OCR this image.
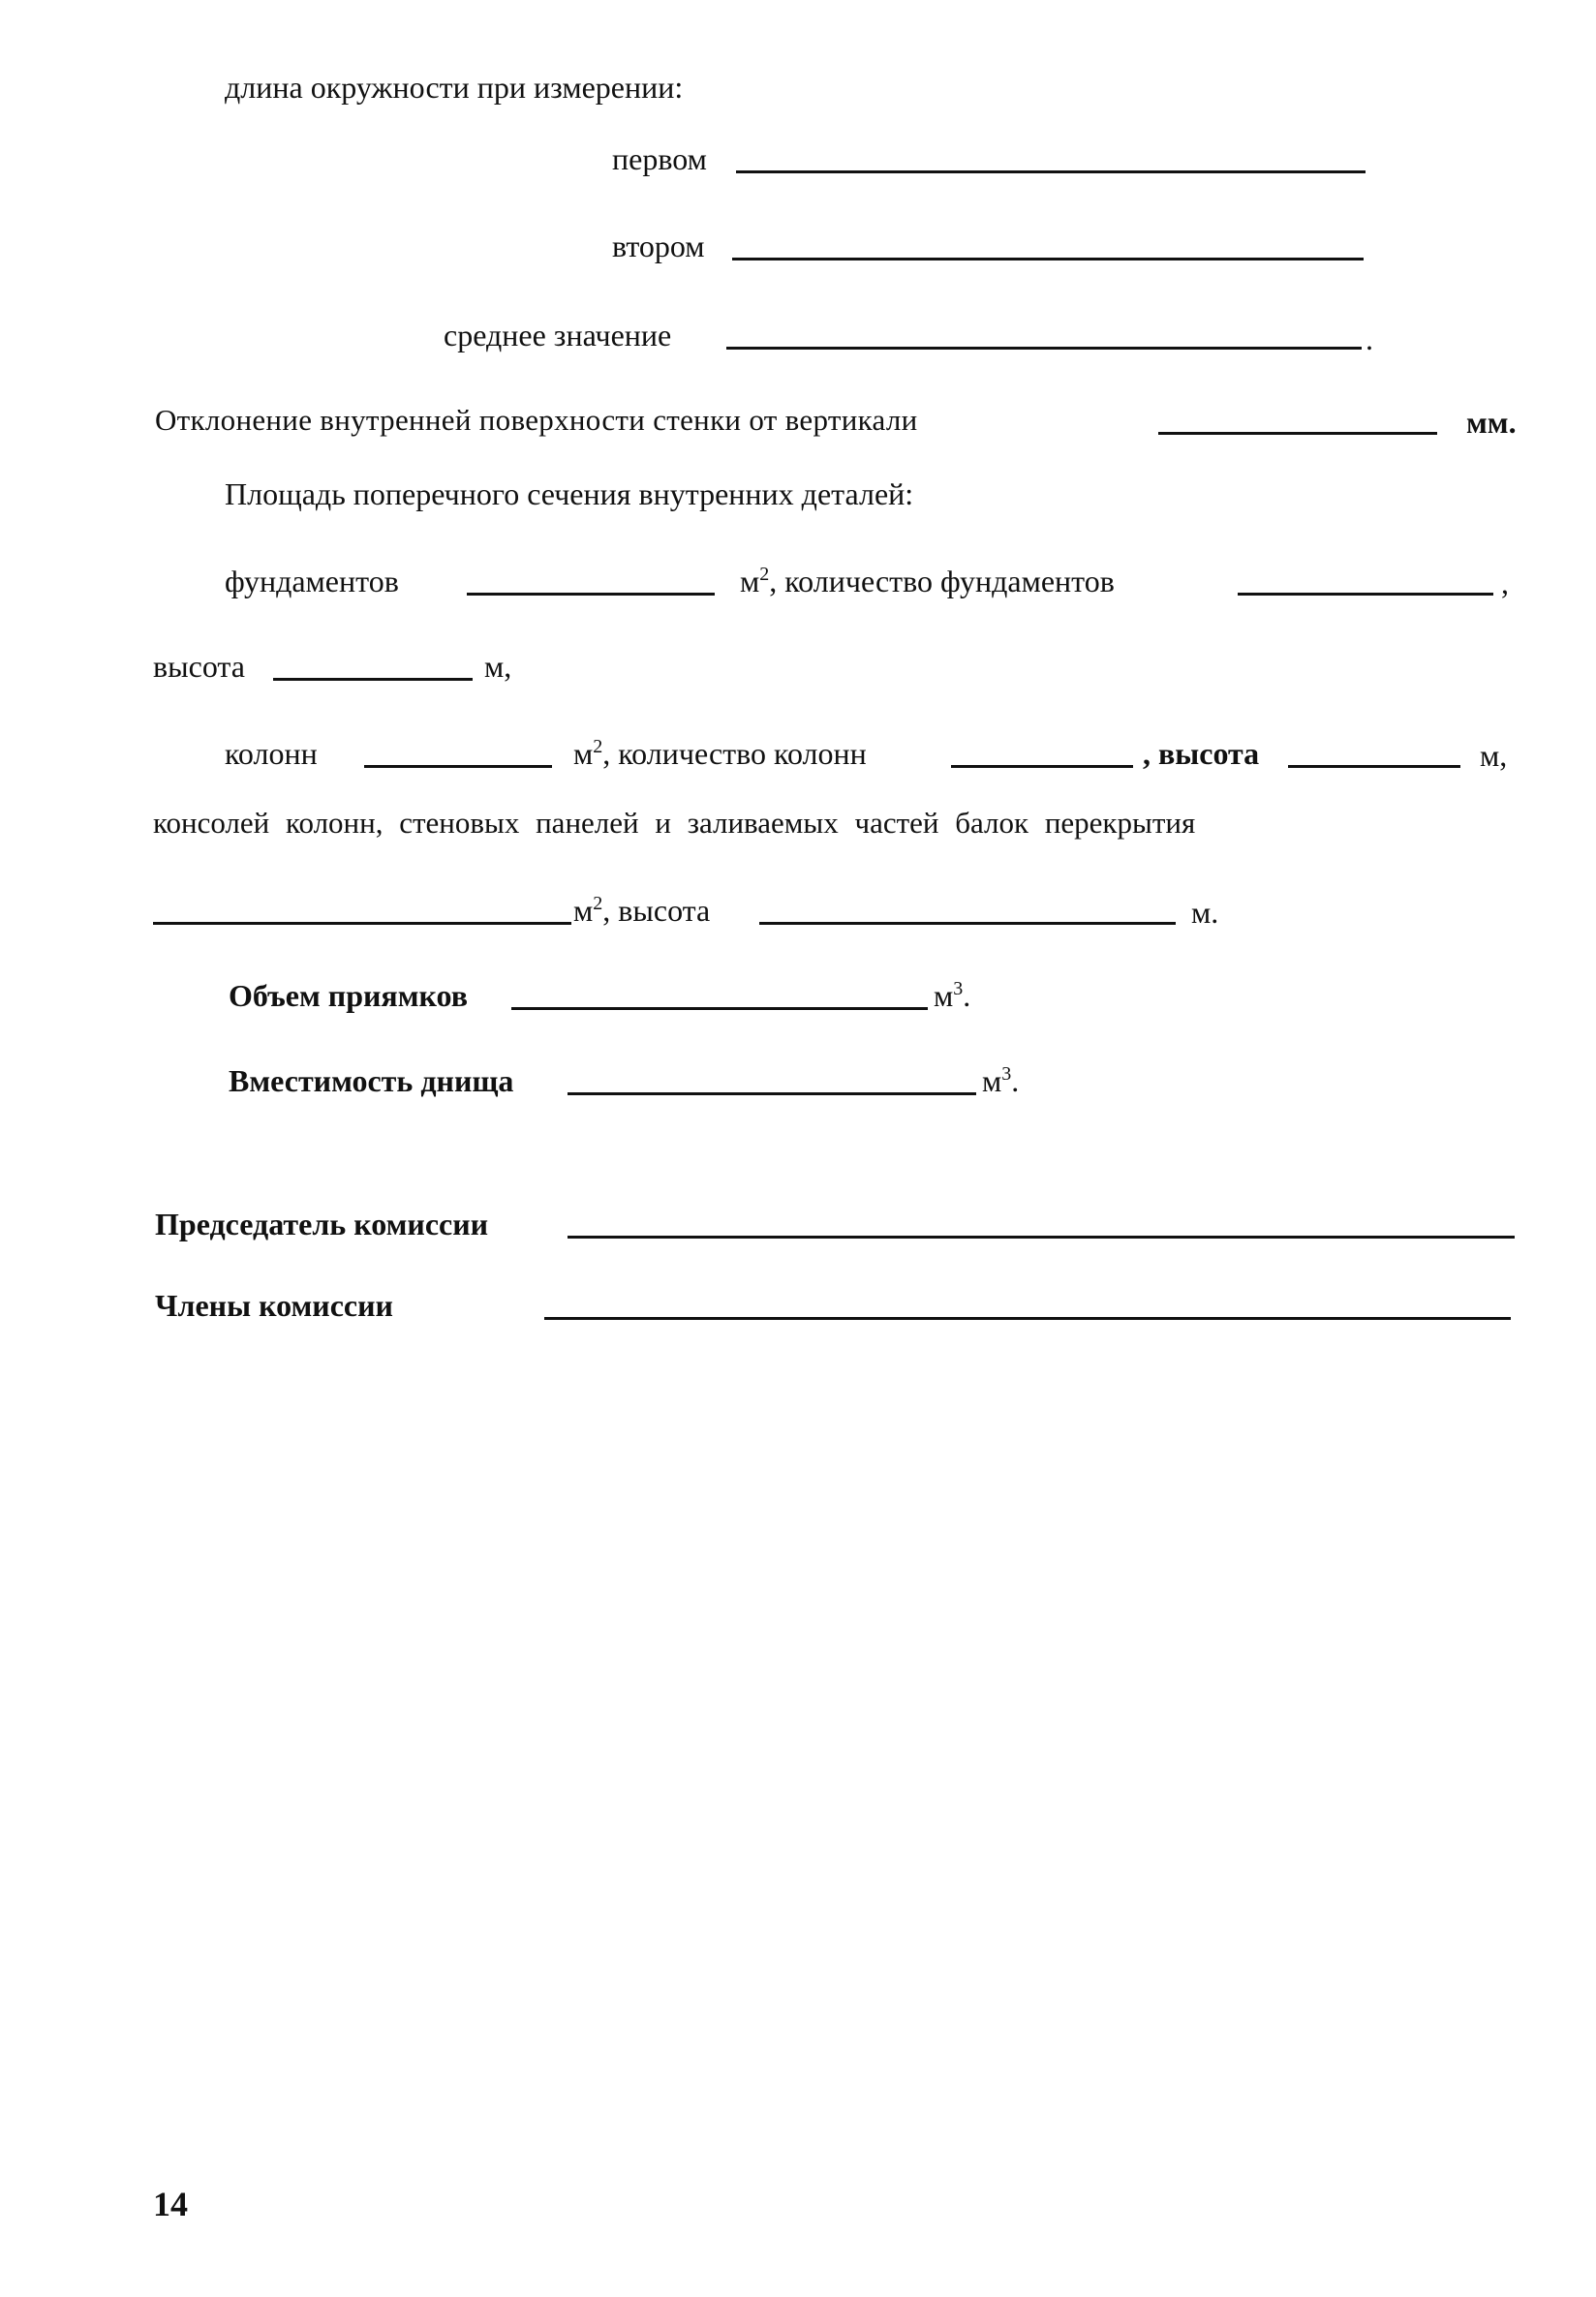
длина окружности при измерении:
первом
втором
среднее значение	.
Отклонение внутренней поверхности стенки от вертикали	мм.
Площадь поперечного сечения внутренних деталей:
фундаментов	$м^2$, количество фундаментов	,
высота	м,
колонн	$м^2$, количество колонн	, высота	м,
консолей колонн, стеновых панелей и заливаемых частей балок перекрытия
$м^2$, высота	м.
Объем приямков	$м^3$.
Вместимость днища	$м^3$.
Председатель комиссии
Члены комиссии
14
